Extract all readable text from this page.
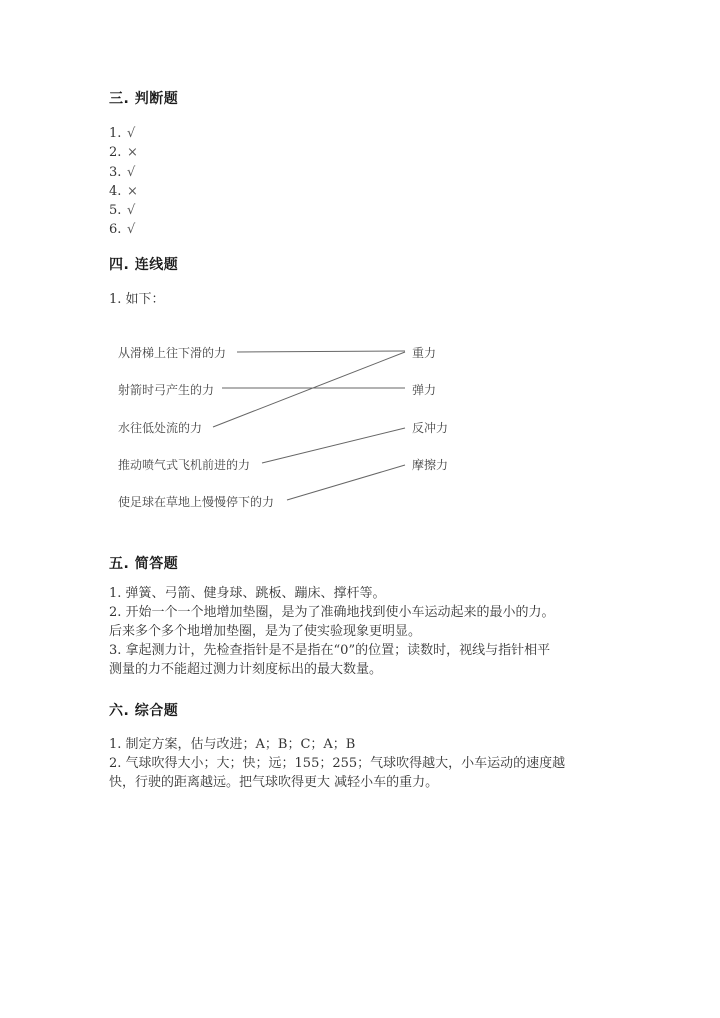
三. 判断题
1. √
2. ×
3. √
4. ×
5. √
6. √
四. 连线题
1. 如下：
从滑梯上往下滑的力
射箭时弓产生的力
水往低处流的力
推动喷气式飞机前进的力
使足球在草地上慢慢停下的力
重力
弹力
反冲力
摩擦力
五. 简答题

1. 弹簧、弓箭、健身球、跳板、蹦床、撑杆等。

2. 开始一个一个地增加垫圈，是为了准确地找到使小车运动起来的最小的力。

后来多个多个地增加垫圈，是为了使实验现象更明显。

3. 拿起测力计，先检查指针是不是指在“0”的位置；读数时，视线与指针相平

测量的力不能超过测力计刻度标出的最大数量。

六. 综合题

1. 制定方案，估与改进；A；B；C；A；B

2. 气球吹得大小；大；快；远；155；255；气球吹得越大，小车运动的速度越

快，行驶的距离越远。把气球吹得更大 减轻小车的重力。
